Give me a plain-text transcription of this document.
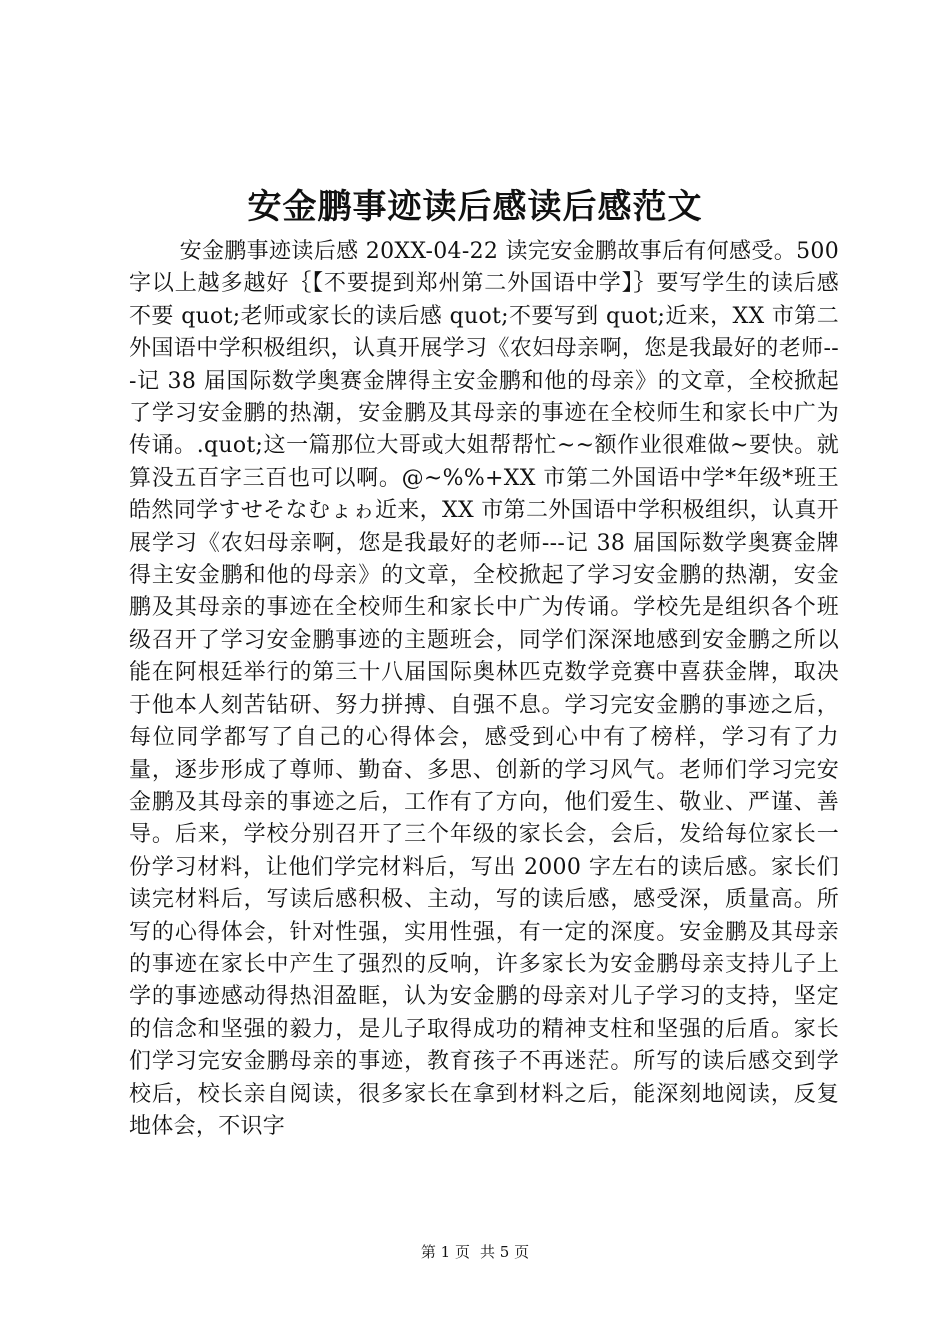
安金鹏事迹读后感读后感范文

安金鹏事迹读后感 20XX-04-22 读完安金鹏故事后有何感受。500 字以上越多越好｛【不要提到郑州第二外国语中学】｝要写学生的读后感不要 quot;老师或家长的读后感 quot;不要写到 quot;近来，XX 市第二外国语中学积极组织，认真开展学习《农妇母亲啊，您是我最好的老师---记 38 届国际数学奥赛金牌得主安金鹏和他的母亲》的文章，全校掀起了学习安金鹏的热潮，安金鹏及其母亲的事迹在全校师生和家长中广为传诵。.quot;这一篇那位大哥或大姐帮帮忙~~额作业很难做~要快。就算没五百字三百也可以啊。@~%%+XX 市第二外国语中学*年级*班王皓然同学すせそなむょゎ近来，XX 市第二外国语中学积极组织，认真开展学习《农妇母亲啊，您是我最好的老师---记 38 届国际数学奥赛金牌得主安金鹏和他的母亲》的文章，全校掀起了学习安金鹏的热潮，安金鹏及其母亲的事迹在全校师生和家长中广为传诵。学校先是组织各个班级召开了学习安金鹏事迹的主题班会，同学们深深地感到安金鹏之所以能在阿根廷举行的第三十八届国际奥林匹克数学竞赛中喜获金牌，取决于他本人刻苦钻研、努力拼搏、自强不息。学习完安金鹏的事迹之后，每位同学都写了自己的心得体会，感受到心中有了榜样，学习有了力量，逐步形成了尊师、勤奋、多思、创新的学习风气。老师们学习完安金鹏及其母亲的事迹之后，工作有了方向，他们爱生、敬业、严谨、善导。后来，学校分别召开了三个年级的家长会，会后，发给每位家长一份学习材料，让他们学完材料后，写出 2000 字左右的读后感。家长们读完材料后，写读后感积极、主动，写的读后感，感受深，质量高。所写的心得体会，针对性强，实用性强，有一定的深度。安金鹏及其母亲的事迹在家长中产生了强烈的反响，许多家长为安金鹏母亲支持儿子上学的事迹感动得热泪盈眶，认为安金鹏的母亲对儿子学习的支持，坚定的信念和坚强的毅力，是儿子取得成功的精神支柱和坚强的后盾。家长们学习完安金鹏母亲的事迹，教育孩子不再迷茫。所写的读后感交到学校后，校长亲自阅读，很多家长在拿到材料之后，能深刻地阅读，反复地体会，不识字

第 1 页 共 5 页
